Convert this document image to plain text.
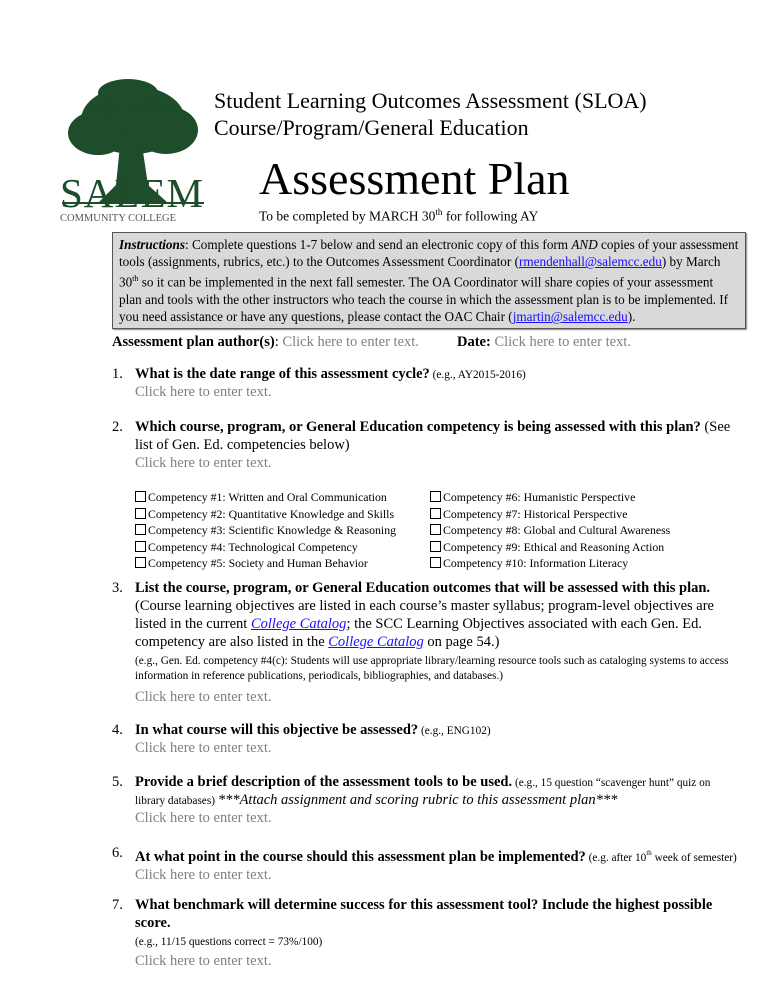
SALEM
COMMUNITY COLLEGE
Student Learning Outcomes Assessment (SLOA)
Course/Program/General Education
Assessment Plan
To be completed by MARCH 30th for following AY
Instructions: Complete questions 1-7 below and send an electronic copy of this form AND copies of your assessment tools (assignments, rubrics, etc.) to the Outcomes Assessment Coordinator (rmendenhall@salemcc.edu) by March 30th so it can be implemented in the next fall semester. The OA Coordinator will share copies of your assessment plan and tools with the other instructors who teach the course in which the assessment plan is to be implemented. If you need assistance or have any questions, please contact the OAC Chair (jmartin@salemcc.edu).
Assessment plan author(s): Click here to enter text.	Date: Click here to enter text.
1. What is the date range of this assessment cycle? (e.g., AY2015-2016)
Click here to enter text.
2. Which course, program, or General Education competency is being assessed with this plan? (See list of Gen. Ed. competencies below)
Click here to enter text.
Competency #1: Written and Oral Communication
Competency #2: Quantitative Knowledge and Skills
Competency #3: Scientific Knowledge & Reasoning
Competency #4: Technological Competency
Competency #5: Society and Human Behavior
Competency #6: Humanistic Perspective
Competency #7: Historical Perspective
Competency #8: Global and Cultural Awareness
Competency #9: Ethical and Reasoning Action
Competency #10: Information Literacy
3. List the course, program, or General Education outcomes that will be assessed with this plan. (Course learning objectives are listed in each course’s master syllabus; program-level objectives are listed in the current College Catalog; the SCC Learning Objectives associated with each Gen. Ed. competency are also listed in the College Catalog on page 54.)
(e.g., Gen. Ed. competency #4(c): Students will use appropriate library/learning resource tools such as cataloging systems to access information in reference publications, periodicals, bibliographies, and databases.)
Click here to enter text.
4. In what course will this objective be assessed? (e.g., ENG102)
Click here to enter text.
5. Provide a brief description of the assessment tools to be used. (e.g., 15 question “scavenger hunt” quiz on library databases) ***Attach assignment and scoring rubric to this assessment plan***
Click here to enter text.
6. At what point in the course should this assessment plan be implemented? (e.g. after 10th week of semester)
Click here to enter text.
7. What benchmark will determine success for this assessment tool? Include the highest possible score.
(e.g., 11/15 questions correct = 73%/100)
Click here to enter text.
